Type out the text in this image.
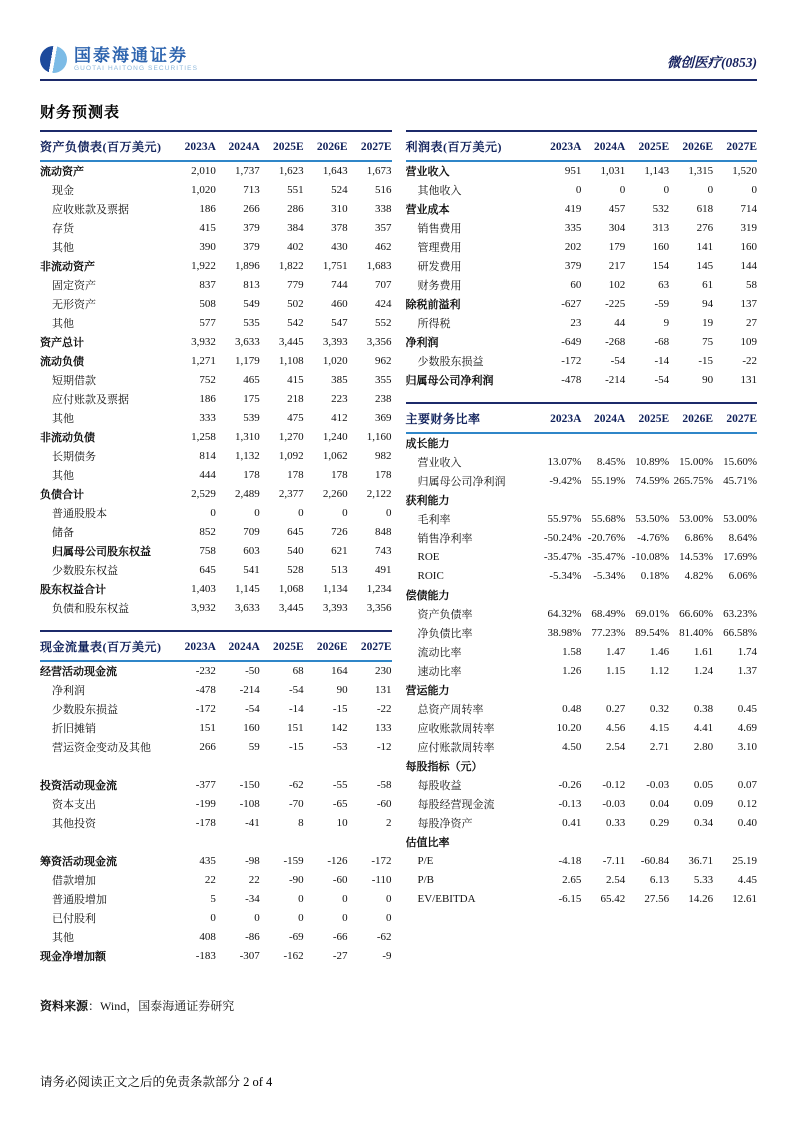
国泰海通证券
GUOTAI HAITONG SECURITIES	微创医疗(0853)
财务预测表
资产负债表(百万美元)	2023A	2024A	2025E	2026E	2027E
流动资产	2,010	1,737	1,623	1,643	1,673
现金	1,020	713	551	524	516
应收账款及票据	186	266	286	310	338
存货	415	379	384	378	357
其他	390	379	402	430	462
非流动资产	1,922	1,896	1,822	1,751	1,683
固定资产	837	813	779	744	707
无形资产	508	549	502	460	424
其他	577	535	542	547	552
资产总计	3,932	3,633	3,445	3,393	3,356
流动负债	1,271	1,179	1,108	1,020	962
短期借款	752	465	415	385	355
应付账款及票据	186	175	218	223	238
其他	333	539	475	412	369
非流动负债	1,258	1,310	1,270	1,240	1,160
长期债务	814	1,132	1,092	1,062	982
其他	444	178	178	178	178
负债合计	2,529	2,489	2,377	2,260	2,122
普通股股本	0	0	0	0	0
储备	852	709	645	726	848
归属母公司股东权益	758	603	540	621	743
少数股东权益	645	541	528	513	491
股东权益合计	1,403	1,145	1,068	1,134	1,234
负债和股东权益	3,932	3,633	3,445	3,393	3,356
现金流量表(百万美元)	2023A	2024A	2025E	2026E	2027E
经营活动现金流	-232	-50	68	164	230
净利润	-478	-214	-54	90	131
少数股东损益	-172	-54	-14	-15	-22
折旧摊销	151	160	151	142	133
营运资金变动及其他	266	59	-15	-53	-12

投资活动现金流	-377	-150	-62	-55	-58
资本支出	-199	-108	-70	-65	-60
其他投资	-178	-41	8	10	2

筹资活动现金流	435	-98	-159	-126	-172
借款增加	22	22	-90	-60	-110
普通股增加	5	-34	0	0	0
已付股利	0	0	0	0	0
其他	408	-86	-69	-66	-62
现金净增加额	-183	-307	-162	-27	-9

资料来源：Wind，国泰海通证券研究

利润表(百万美元)	2023A	2024A	2025E	2026E	2027E
营业收入	951	1,031	1,143	1,315	1,520
其他收入	0	0	0	0	0
营业成本	419	457	532	618	714
销售费用	335	304	313	276	319
管理费用	202	179	160	141	160
研发费用	379	217	154	145	144
财务费用	60	102	63	61	58
除税前溢利	-627	-225	-59	94	137
所得税	23	44	9	19	27
净利润	-649	-268	-68	75	109
少数股东损益	-172	-54	-14	-15	-22
归属母公司净利润	-478	-214	-54	90	131
主要财务比率	2023A	2024A	2025E	2026E	2027E
成长能力					
营业收入	13.07%	8.45%	10.89%	15.00%	15.60%
归属母公司净利润	-9.42%	55.19%	74.59%	265.75%	45.71%
获利能力					
毛利率	55.97%	55.68%	53.50%	53.00%	53.00%
销售净利率	-50.24%	-20.76%	-4.76%	6.86%	8.64%
ROE	-35.47%	-35.47%	-10.08%	14.53%	17.69%
ROIC	-5.34%	-5.34%	0.18%	4.82%	6.06%
偿债能力					
资产负债率	64.32%	68.49%	69.01%	66.60%	63.23%
净负债比率	38.98%	77.23%	89.54%	81.40%	66.58%
流动比率	1.58	1.47	1.46	1.61	1.74
速动比率	1.26	1.15	1.12	1.24	1.37
营运能力					
总资产周转率	0.48	0.27	0.32	0.38	0.45
应收账款周转率	10.20	4.56	4.15	4.41	4.69
应付账款周转率	4.50	2.54	2.71	2.80	3.10
每股指标（元）					
每股收益	-0.26	-0.12	-0.03	0.05	0.07
每股经营现金流	-0.13	-0.03	0.04	0.09	0.12
每股净资产	0.41	0.33	0.29	0.34	0.40
估值比率					
P/E	-4.18	-7.11	-60.84	36.71	25.19
P/B	2.65	2.54	6.13	5.33	4.45
EV/EBITDA	-6.15	65.42	27.56	14.26	12.61
请务必阅读正文之后的免责条款部分 2 of 4
